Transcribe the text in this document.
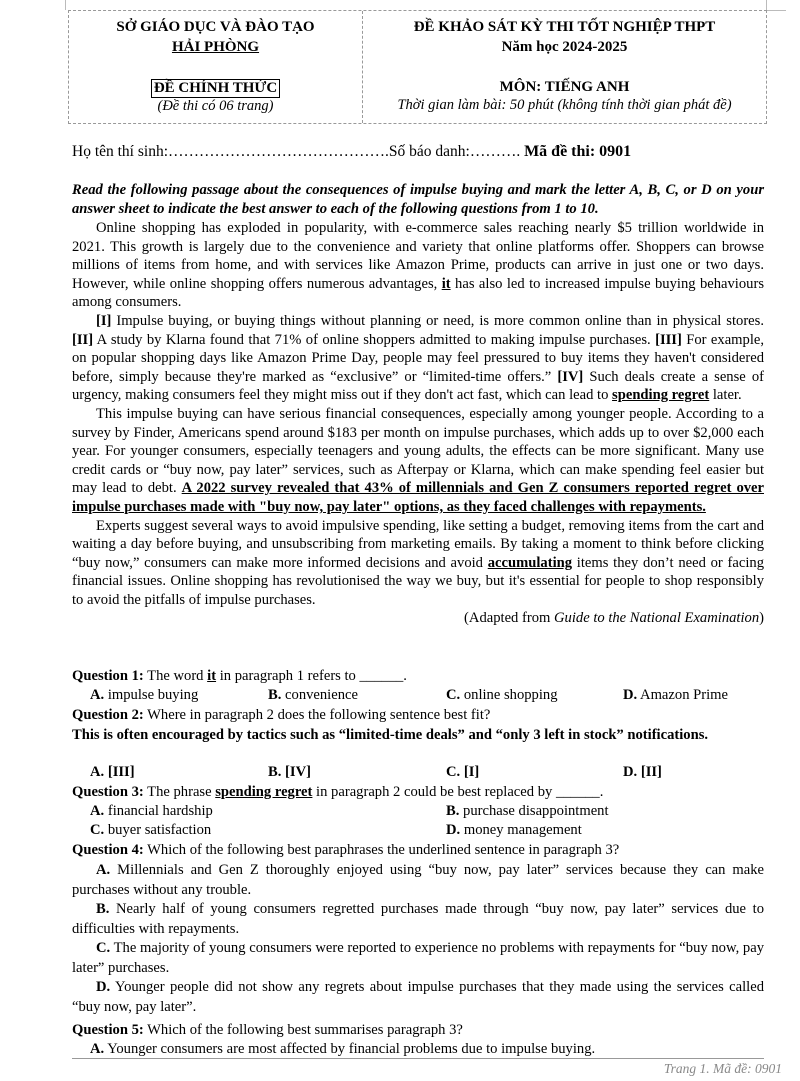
SỞ GIÁO DỤC VÀ ĐÀO TẠO
HẢI PHÒNG
ĐỀ CHÍNH THỨC
(Đề thi có 06 trang)
ĐỀ KHẢO SÁT KỲ THI TỐT NGHIỆP THPT
Năm học 2024-2025
MÔN: TIẾNG ANH
Thời gian làm bài: 50 phút (không tính thời gian phát đề)
Họ tên thí sinh:…………………………………….Số báo danh:………. Mã đề thi: 0901
Read the following passage about the consequences of impulse buying and mark the letter A, B, C, or D on your answer sheet to indicate the best answer to each of the following questions from 1 to 10.

Online shopping has exploded in popularity, with e-commerce sales reaching nearly $5 trillion worldwide in 2021. This growth is largely due to the convenience and variety that online platforms offer. Shoppers can browse millions of items from home, and with services like Amazon Prime, products can arrive in just one or two days. However, while online shopping offers numerous advantages, it has also led to increased impulse buying behaviours among consumers.

[I] Impulse buying, or buying things without planning or need, is more common online than in physical stores. [II] A study by Klarna found that 71% of online shoppers admitted to making impulse purchases. [III] For example, on popular shopping days like Amazon Prime Day, people may feel pressured to buy items they haven't considered before, simply because they're marked as “exclusive” or “limited-time offers.” [IV] Such deals create a sense of urgency, making consumers feel they might miss out if they don't act fast, which can lead to spending regret later.

This impulse buying can have serious financial consequences, especially among younger people. According to a survey by Finder, Americans spend around $183 per month on impulse purchases, which adds up to over $2,000 each year. For younger consumers, especially teenagers and young adults, the effects can be more significant. Many use credit cards or “buy now, pay later” services, such as Afterpay or Klarna, which can make spending feel easier but may lead to debt. A 2022 survey revealed that 43% of millennials and Gen Z consumers reported regret over impulse purchases made with "buy now, pay later" options, as they faced challenges with repayments.

Experts suggest several ways to avoid impulsive spending, like setting a budget, removing items from the cart and waiting a day before buying, and unsubscribing from marketing emails. By taking a moment to think before clicking “buy now,” consumers can make more informed decisions and avoid accumulating items they don’t need or facing financial issues. Online shopping has revolutionised the way we buy, but it's essential for people to shop responsibly to avoid the pitfalls of impulse purchases.

(Adapted from Guide to the National Examination)

Question 1: The word it in paragraph 1 refers to ______.
A. impulse buying	B. convenience	C. online shopping	D. Amazon Prime
Question 2: Where in paragraph 2 does the following sentence best fit?
This is often encouraged by tactics such as “limited-time deals” and “only 3 left in stock” notifications.
A. [III]	B. [IV]	C. [I]	D. [II]
Question 3: The phrase spending regret in paragraph 2 could be best replaced by ______.
A. financial hardship	B. purchase disappointment
C. buyer satisfaction	D. money management
Question 4: Which of the following best paraphrases the underlined sentence in paragraph 3?

A. Millennials and Gen Z thoroughly enjoyed using “buy now, pay later” services because they can make purchases without any trouble.

B. Nearly half of young consumers regretted purchases made through “buy now, pay later” services due to difficulties with repayments.

C. The majority of young consumers were reported to experience no problems with repayments for “buy now, pay later” purchases.

D. Younger people did not show any regrets about impulse purchases that they made using the services called “buy now, pay later”.

Question 5: Which of the following best summarises paragraph 3?
A. Younger consumers are most affected by financial problems due to impulse buying.
Trang 1. Mã đề: 0901
